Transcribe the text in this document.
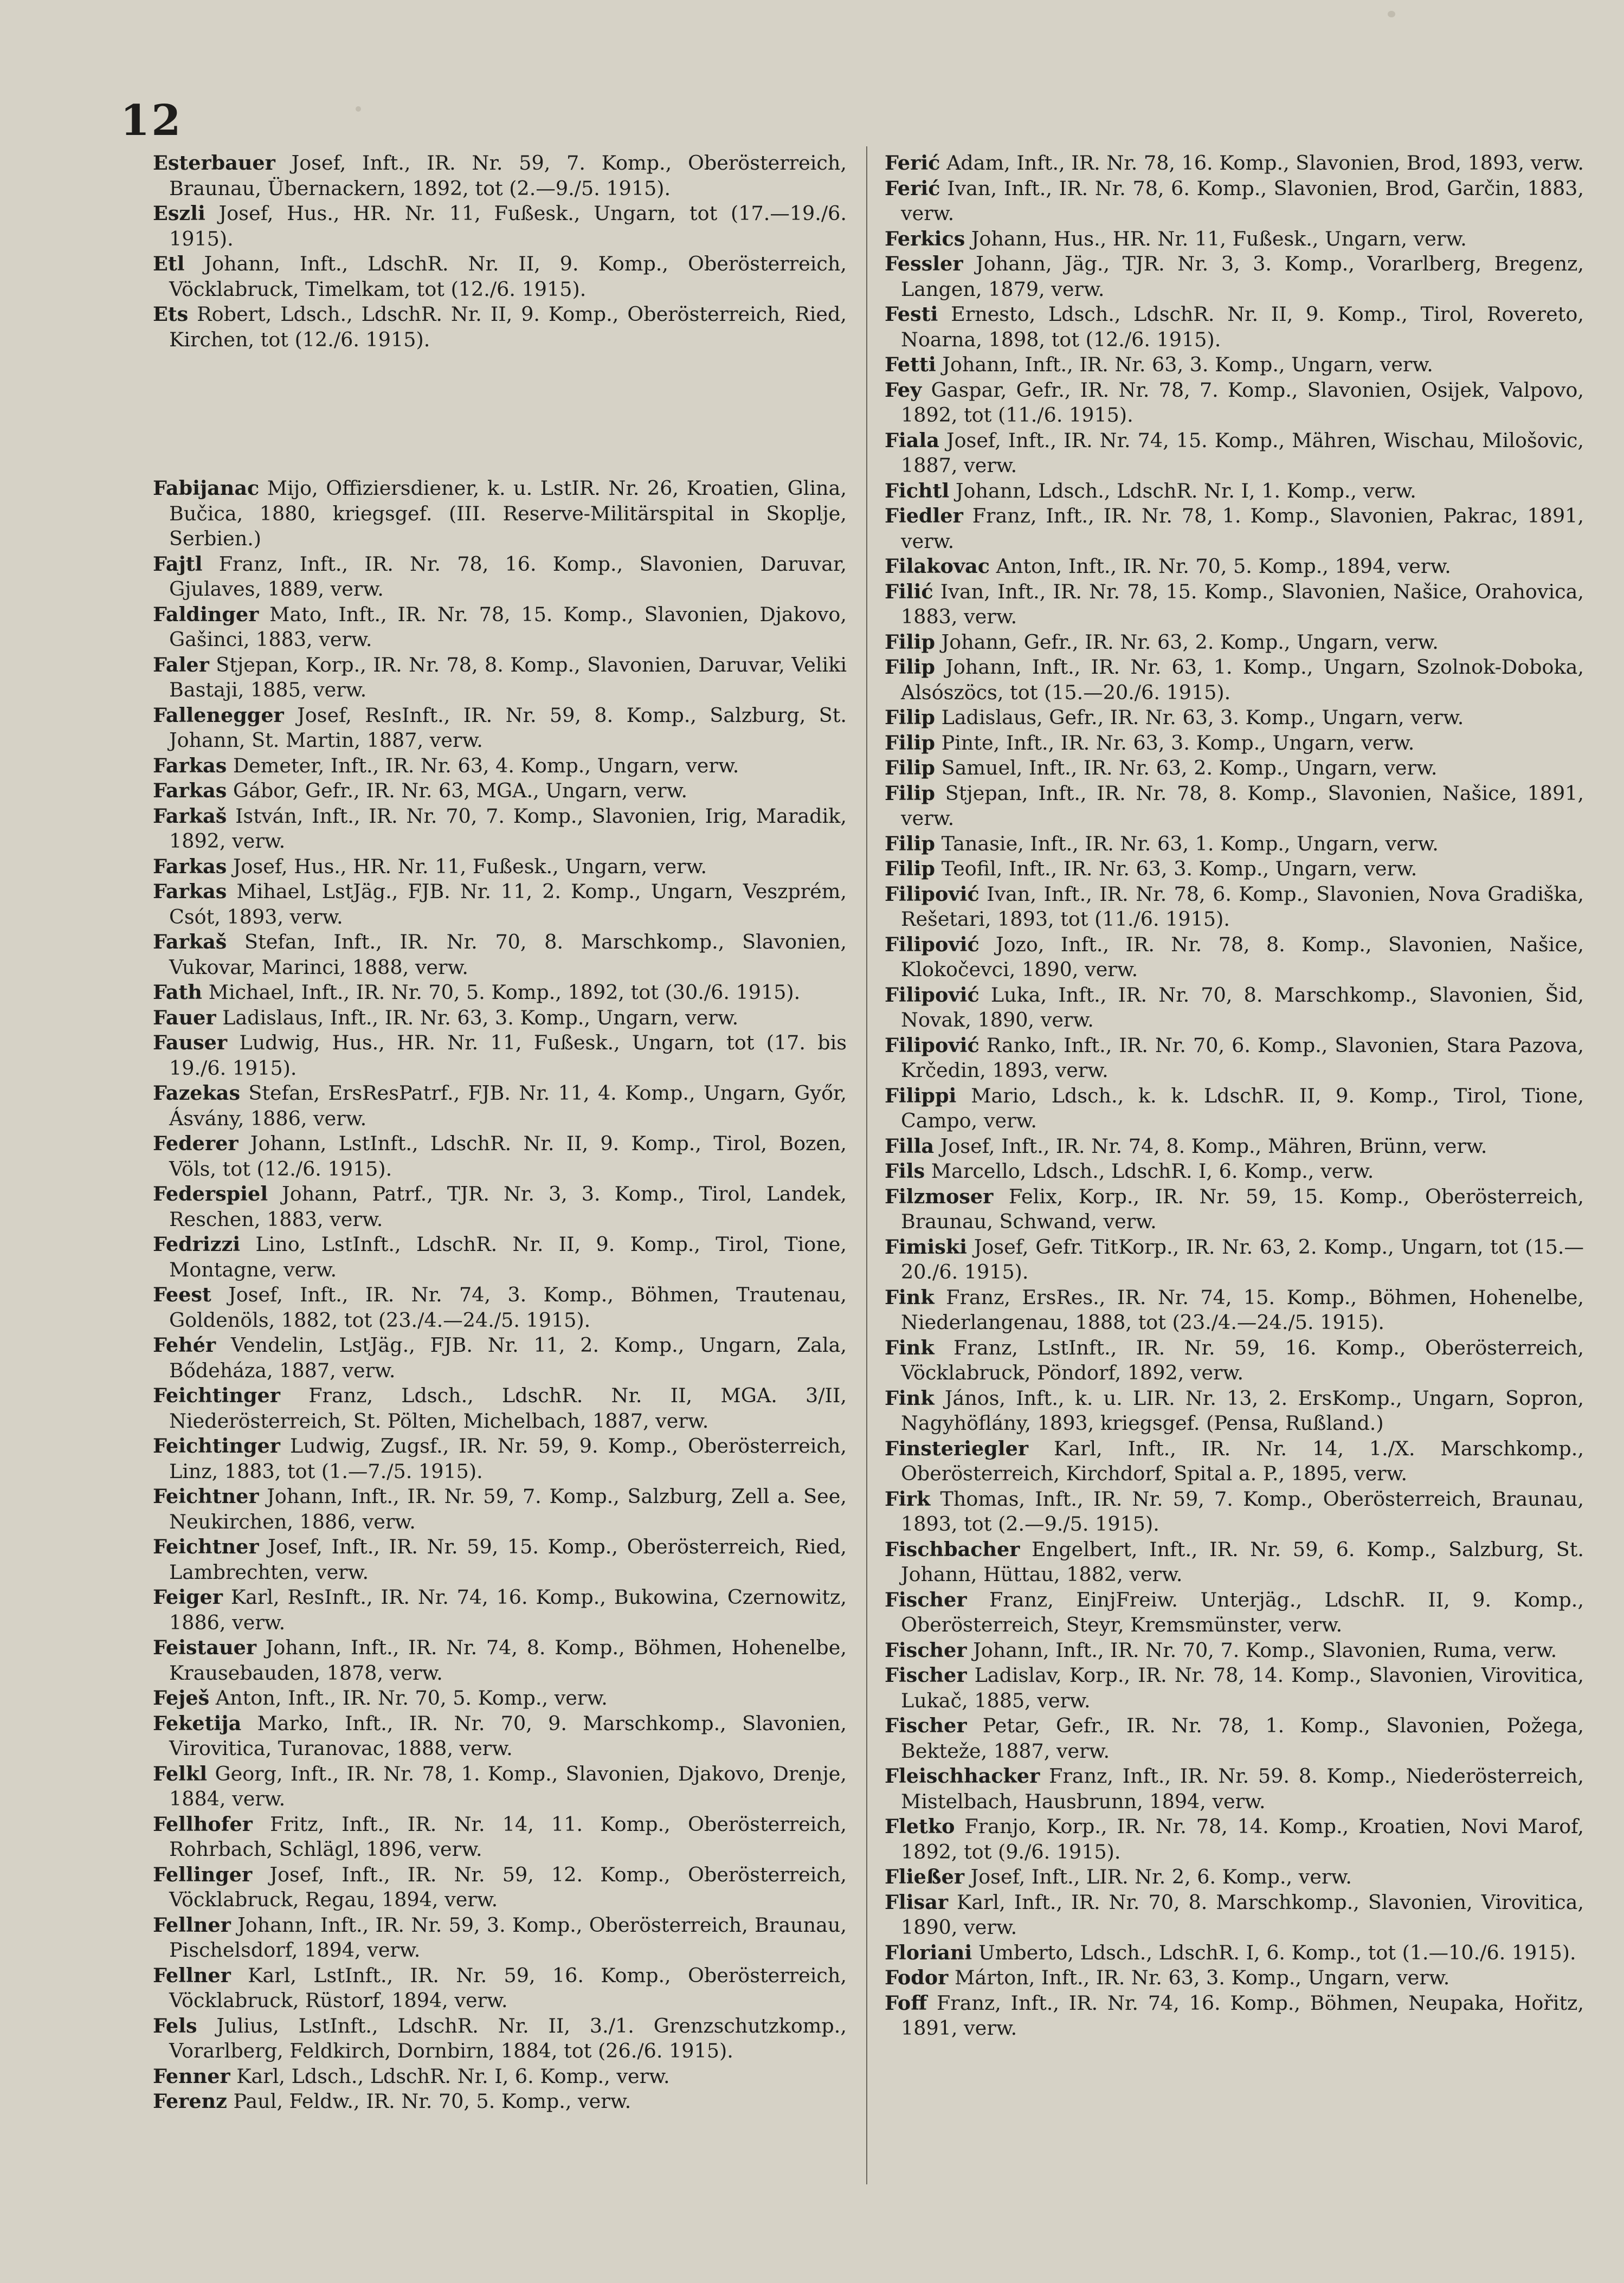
12

Esterbauer Josef, Inft., IR. Nr. 59, 7. Komp., Oberösterreich, Braunau, Übernackern, 1892, tot (2.—9./5. 1915).

Eszli Josef, Hus., HR. Nr. 11, Fußesk., Ungarn, tot (17.—19./6. 1915).

Etl Johann, Inft., LdschR. Nr. II, 9. Komp., Oberösterreich, Vöcklabruck, Timelkam, tot (12./6. 1915).

Ets Robert, Ldsch., LdschR. Nr. II, 9. Komp., Oberösterreich, Ried, Kirchen, tot (12./6. 1915).

Fabijanac Mijo, Offiziersdiener, k. u. LstIR. Nr. 26, Kroatien, Glina, Bučica, 1880, kriegsgef. (III. Reserve-Militärspital in Skoplje, Serbien.)

Fajtl Franz, Inft., IR. Nr. 78, 16. Komp., Slavonien, Daruvar, Gjulaves, 1889, verw.

Faldinger Mato, Inft., IR. Nr. 78, 15. Komp., Slavonien, Djakovo, Gašinci, 1883, verw.

Faler Stjepan, Korp., IR. Nr. 78, 8. Komp., Slavonien, Daruvar, Veliki Bastaji, 1885, verw.

Fallenegger Josef, ResInft., IR. Nr. 59, 8. Komp., Salzburg, St. Johann, St. Martin, 1887, verw.

Farkas Demeter, Inft., IR. Nr. 63, 4. Komp., Ungarn, verw.

Farkas Gábor, Gefr., IR. Nr. 63, MGA., Ungarn, verw.

Farkaš István, Inft., IR. Nr. 70, 7. Komp., Slavonien, Irig, Maradik, 1892, verw.

Farkas Josef, Hus., HR. Nr. 11, Fußesk., Ungarn, verw.

Farkas Mihael, LstJäg., FJB. Nr. 11, 2. Komp., Ungarn, Veszprém, Csót, 1893, verw.

Farkaš Stefan, Inft., IR. Nr. 70, 8. Marschkomp., Slavonien, Vukovar, Marinci, 1888, verw.

Fath Michael, Inft., IR. Nr. 70, 5. Komp., 1892, tot (30./6. 1915).

Fauer Ladislaus, Inft., IR. Nr. 63, 3. Komp., Ungarn, verw.

Fauser Ludwig, Hus., HR. Nr. 11, Fußesk., Ungarn, tot (17. bis 19./6. 1915).

Fazekas Stefan, ErsResPatrf., FJB. Nr. 11, 4. Komp., Ungarn, Győr, Ásvány, 1886, verw.

Federer Johann, LstInft., LdschR. Nr. II, 9. Komp., Tirol, Bozen, Völs, tot (12./6. 1915).

Federspiel Johann, Patrf., TJR. Nr. 3, 3. Komp., Tirol, Landek, Reschen, 1883, verw.

Fedrizzi Lino, LstInft., LdschR. Nr. II, 9. Komp., Tirol, Tione, Montagne, verw.

Feest Josef, Inft., IR. Nr. 74, 3. Komp., Böhmen, Trautenau, Goldenöls, 1882, tot (23./4.—24./5. 1915).

Fehér Vendelin, LstJäg., FJB. Nr. 11, 2. Komp., Ungarn, Zala, Bődeháza, 1887, verw.

Feichtinger Franz, Ldsch., LdschR. Nr. II, MGA. 3/II, Niederösterreich, St. Pölten, Michelbach, 1887, verw.

Feichtinger Ludwig, Zugsf., IR. Nr. 59, 9. Komp., Oberösterreich, Linz, 1883, tot (1.—7./5. 1915).

Feichtner Johann, Inft., IR. Nr. 59, 7. Komp., Salzburg, Zell a. See, Neukirchen, 1886, verw.

Feichtner Josef, Inft., IR. Nr. 59, 15. Komp., Oberösterreich, Ried, Lambrechten, verw.

Feiger Karl, ResInft., IR. Nr. 74, 16. Komp., Bukowina, Czernowitz, 1886, verw.

Feistauer Johann, Inft., IR. Nr. 74, 8. Komp., Böhmen, Hohenelbe, Krausebauden, 1878, verw.

Feješ Anton, Inft., IR. Nr. 70, 5. Komp., verw.

Feketija Marko, Inft., IR. Nr. 70, 9. Marschkomp., Slavonien, Virovitica, Turanovac, 1888, verw.

Felkl Georg, Inft., IR. Nr. 78, 1. Komp., Slavonien, Djakovo, Drenje, 1884, verw.

Fellhofer Fritz, Inft., IR. Nr. 14, 11. Komp., Oberösterreich, Rohrbach, Schlägl, 1896, verw.

Fellinger Josef, Inft., IR. Nr. 59, 12. Komp., Oberösterreich, Vöcklabruck, Regau, 1894, verw.

Fellner Johann, Inft., IR. Nr. 59, 3. Komp., Oberösterreich, Braunau, Pischelsdorf, 1894, verw.

Fellner Karl, LstInft., IR. Nr. 59, 16. Komp., Oberösterreich, Vöcklabruck, Rüstorf, 1894, verw.

Fels Julius, LstInft., LdschR. Nr. II, 3./1. Grenzschutzkomp., Vorarlberg, Feldkirch, Dornbirn, 1884, tot (26./6. 1915).

Fenner Karl, Ldsch., LdschR. Nr. I, 6. Komp., verw.

Ferenz Paul, Feldw., IR. Nr. 70, 5. Komp., verw.

Ferić Adam, Inft., IR. Nr. 78, 16. Komp., Slavonien, Brod, 1893, verw.

Ferić Ivan, Inft., IR. Nr. 78, 6. Komp., Slavonien, Brod, Garčin, 1883, verw.

Ferkics Johann, Hus., HR. Nr. 11, Fußesk., Ungarn, verw.

Fessler Johann, Jäg., TJR. Nr. 3, 3. Komp., Vorarlberg, Bregenz, Langen, 1879, verw.

Festi Ernesto, Ldsch., LdschR. Nr. II, 9. Komp., Tirol, Rovereto, Noarna, 1898, tot (12./6. 1915).

Fetti Johann, Inft., IR. Nr. 63, 3. Komp., Ungarn, verw.

Fey Gaspar, Gefr., IR. Nr. 78, 7. Komp., Slavonien, Osijek, Valpovo, 1892, tot (11./6. 1915).

Fiala Josef, Inft., IR. Nr. 74, 15. Komp., Mähren, Wischau, Milošovic, 1887, verw.

Fichtl Johann, Ldsch., LdschR. Nr. I, 1. Komp., verw.

Fiedler Franz, Inft., IR. Nr. 78, 1. Komp., Slavonien, Pakrac, 1891, verw.

Filakovac Anton, Inft., IR. Nr. 70, 5. Komp., 1894, verw.

Filić Ivan, Inft., IR. Nr. 78, 15. Komp., Slavonien, Našice, Orahovica, 1883, verw.

Filip Johann, Gefr., IR. Nr. 63, 2. Komp., Ungarn, verw.

Filip Johann, Inft., IR. Nr. 63, 1. Komp., Ungarn, Szolnok-Doboka, Alsószöcs, tot (15.—20./6. 1915).

Filip Ladislaus, Gefr., IR. Nr. 63, 3. Komp., Ungarn, verw.

Filip Pinte, Inft., IR. Nr. 63, 3. Komp., Ungarn, verw.

Filip Samuel, Inft., IR. Nr. 63, 2. Komp., Ungarn, verw.

Filip Stjepan, Inft., IR. Nr. 78, 8. Komp., Slavonien, Našice, 1891, verw.

Filip Tanasie, Inft., IR. Nr. 63, 1. Komp., Ungarn, verw.

Filip Teofil, Inft., IR. Nr. 63, 3. Komp., Ungarn, verw.

Filipović Ivan, Inft., IR. Nr. 78, 6. Komp., Slavonien, Nova Gradiška, Rešetari, 1893, tot (11./6. 1915).

Filipović Jozo, Inft., IR. Nr. 78, 8. Komp., Slavonien, Našice, Klokočevci, 1890, verw.

Filipović Luka, Inft., IR. Nr. 70, 8. Marschkomp., Slavonien, Šid, Novak, 1890, verw.

Filipović Ranko, Inft., IR. Nr. 70, 6. Komp., Slavonien, Stara Pazova, Krčedin, 1893, verw.

Filippi Mario, Ldsch., k. k. LdschR. II, 9. Komp., Tirol, Tione, Campo, verw.

Filla Josef, Inft., IR. Nr. 74, 8. Komp., Mähren, Brünn, verw.

Fils Marcello, Ldsch., LdschR. I, 6. Komp., verw.

Filzmoser Felix, Korp., IR. Nr. 59, 15. Komp., Oberösterreich, Braunau, Schwand, verw.

Fimiski Josef, Gefr. TitKorp., IR. Nr. 63, 2. Komp., Ungarn, tot (15.—20./6. 1915).

Fink Franz, ErsRes., IR. Nr. 74, 15. Komp., Böhmen, Hohenelbe, Niederlangenau, 1888, tot (23./4.—24./5. 1915).

Fink Franz, LstInft., IR. Nr. 59, 16. Komp., Oberösterreich, Vöcklabruck, Pöndorf, 1892, verw.

Fink János, Inft., k. u. LIR. Nr. 13, 2. ErsKomp., Ungarn, Sopron, Nagyhöflány, 1893, kriegsgef. (Pensa, Rußland.)

Finsteriegler Karl, Inft., IR. Nr. 14, 1./X. Marschkomp., Oberösterreich, Kirchdorf, Spital a. P., 1895, verw.

Firk Thomas, Inft., IR. Nr. 59, 7. Komp., Oberösterreich, Braunau, 1893, tot (2.—9./5. 1915).

Fischbacher Engelbert, Inft., IR. Nr. 59, 6. Komp., Salzburg, St. Johann, Hüttau, 1882, verw.

Fischer Franz, EinjFreiw. Unterjäg., LdschR. II, 9. Komp., Oberösterreich, Steyr, Kremsmünster, verw.

Fischer Johann, Inft., IR. Nr. 70, 7. Komp., Slavonien, Ruma, verw.

Fischer Ladislav, Korp., IR. Nr. 78, 14. Komp., Slavonien, Virovitica, Lukač, 1885, verw.

Fischer Petar, Gefr., IR. Nr. 78, 1. Komp., Slavonien, Požega, Bekteže, 1887, verw.

Fleischhacker Franz, Inft., IR. Nr. 59. 8. Komp., Niederösterreich, Mistelbach, Hausbrunn, 1894, verw.

Fletko Franjo, Korp., IR. Nr. 78, 14. Komp., Kroatien, Novi Marof, 1892, tot (9./6. 1915).

Fließer Josef, Inft., LIR. Nr. 2, 6. Komp., verw.

Flisar Karl, Inft., IR. Nr. 70, 8. Marschkomp., Slavonien, Virovitica, 1890, verw.

Floriani Umberto, Ldsch., LdschR. I, 6. Komp., tot (1.—10./6. 1915).

Fodor Márton, Inft., IR. Nr. 63, 3. Komp., Ungarn, verw.

Foff Franz, Inft., IR. Nr. 74, 16. Komp., Böhmen, Neupaka, Hořitz, 1891, verw.
